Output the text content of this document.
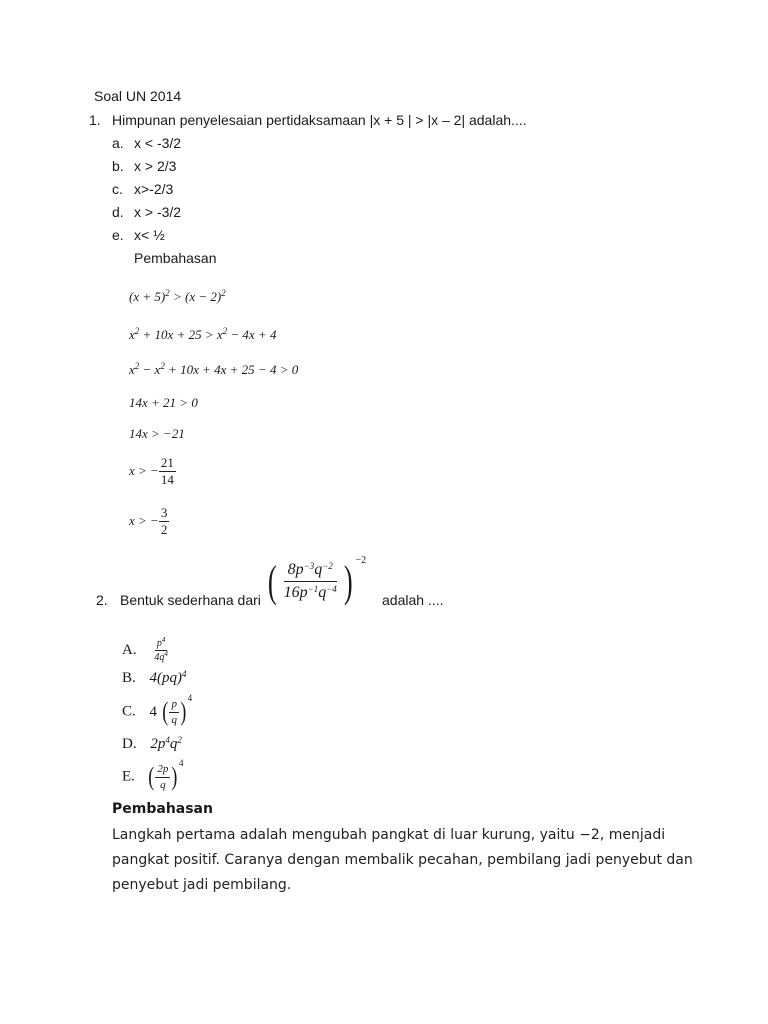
Soal UN 2014
1. Himpunan penyelesaian pertidaksamaan |x + 5 | > |x – 2| adalah....
a. x < -3/2
b. x > 2/3
c. x>-2/3
d. x > -3/2
e. x< ½
Pembahasan
$(x + 5)^2 > (x - 2)^2$
$x^2 + 10x + 25 > x^2 - 4x + 4$
$x^2 - x^2 + 10x + 4x + 25 - 4 > 0$
14x + 21 > 0
14x > −21
x > − $\frac{21}{14}$
x > − $\frac{3}{2}$
2. Bentuk sederhana dari ( $\frac{8p^{-3}q^{-2}}{16p^{-1}q^{-4}}$ ) $^{-2}$
adalah ....
A. $\frac{p^4}{4q^4}$
B. 4(pq)$^4$
C. 4 ( $\frac{p}{q} )^4$
D. $2p^4q^2$
E. ( $\frac{2p}{q} )^4$
Pembahasan
Langkah pertama adalah mengubah pangkat di luar kurung, yaitu −2, menjadi
pangkat positif. Caranya dengan membalik pecahan, pembilang jadi penyebut dan
penyebut jadi pembilang.
